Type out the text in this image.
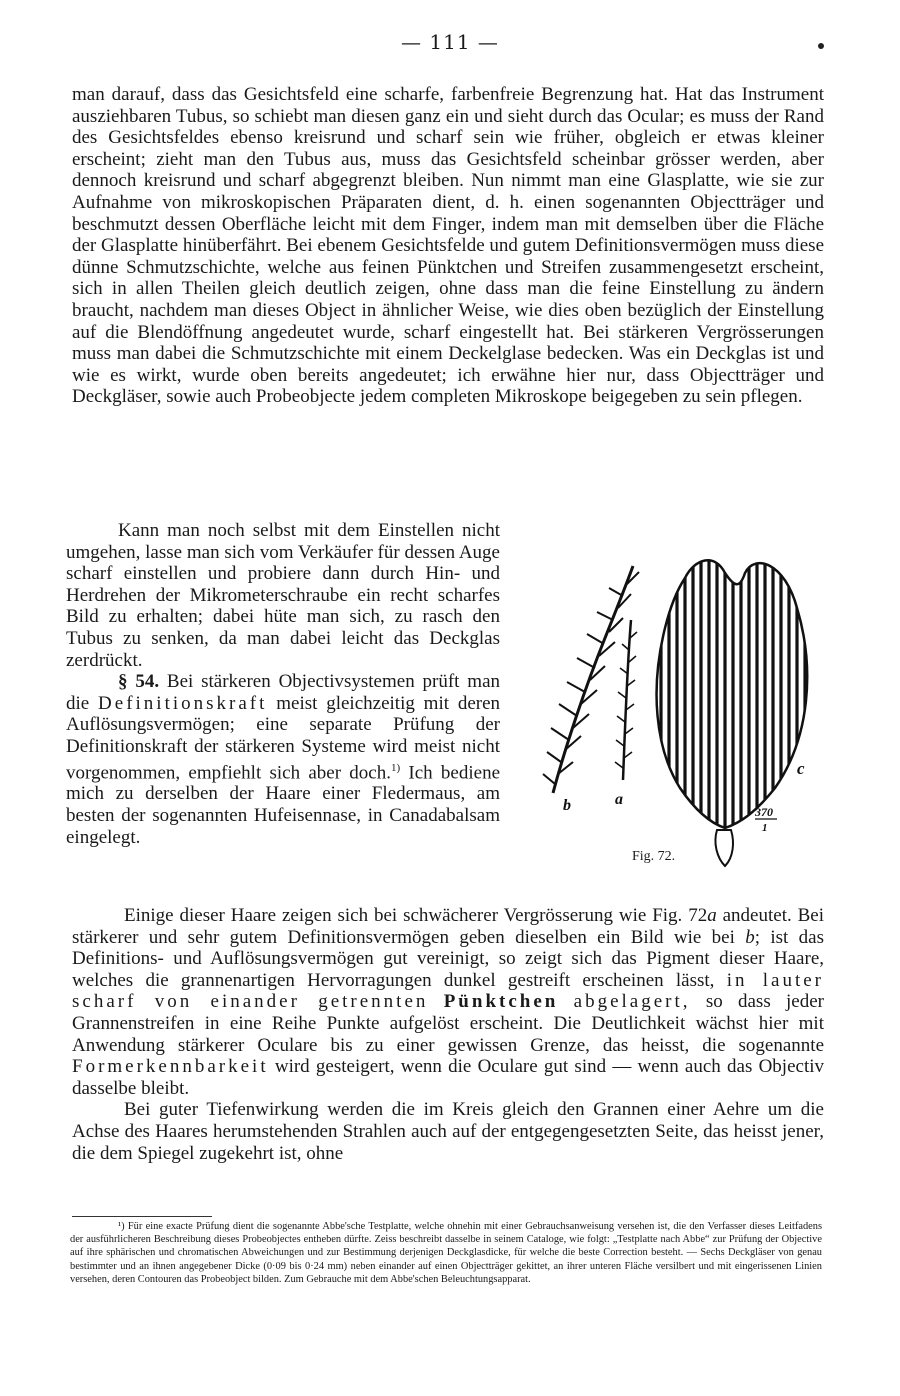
— 111 —

man darauf, dass das Gesichtsfeld eine scharfe, farbenfreie Begrenzung hat. Hat das Instrument ausziehbaren Tubus, so schiebt man diesen ganz ein und sieht durch das Ocular; es muss der Rand des Gesichtsfeldes ebenso kreisrund und scharf sein wie früher, obgleich er etwas kleiner erscheint; zieht man den Tubus aus, muss das Gesichtsfeld scheinbar grösser werden, aber dennoch kreisrund und scharf abgegrenzt bleiben. Nun nimmt man eine Glasplatte, wie sie zur Aufnahme von mikroskopischen Präparaten dient, d. h. einen sogenannten Objectträger und beschmutzt dessen Oberfläche leicht mit dem Finger, indem man mit demselben über die Fläche der Glasplatte hinüberfährt. Bei ebenem Gesichtsfelde und gutem Definitionsvermögen muss diese dünne Schmutzschichte, welche aus feinen Pünktchen und Streifen zusammengesetzt erscheint, sich in allen Theilen gleich deutlich zeigen, ohne dass man die feine Einstellung zu ändern braucht, nachdem man dieses Object in ähnlicher Weise, wie dies oben bezüglich der Einstellung auf die Blendöffnung angedeutet wurde, scharf eingestellt hat. Bei stärkeren Vergrösserungen muss man dabei die Schmutzschichte mit einem Deckelglase bedecken. Was ein Deckglas ist und wie es wirkt, wurde oben bereits angedeutet; ich erwähne hier nur, dass Objectträger und Deckgläser, sowie auch Probeobjecte jedem completen Mikroskope beigegeben zu sein pflegen.

Kann man noch selbst mit dem Einstellen nicht umgehen, lasse man sich vom Verkäufer für dessen Auge scharf einstellen und probiere dann durch Hin- und Herdrehen der Mikrometerschraube ein recht scharfes Bild zu erhalten; dabei hüte man sich, zu rasch den Tubus zu senken, da man dabei leicht das Deckglas zerdrückt.

§ 54. Bei stärkeren Objectivsystemen prüft man die Definitionskraft meist gleichzeitig mit deren Auflösungsvermögen; eine separate Prüfung der Definitionskraft der stärkeren Systeme wird meist nicht vorgenommen, empfiehlt sich aber doch.$^{1)}$ Ich bediene mich zu derselben der Haare einer Fledermaus, am besten der sogenannten Hufeisennase, in Canadabalsam eingelegt.

b	a
c
370
1
Fig. 72.

Einige dieser Haare zeigen sich bei schwächerer Vergrösserung wie Fig. 72a andeutet. Bei stärkerer und sehr gutem Definitionsvermögen geben dieselben ein Bild wie bei b; ist das Definitions- und Auflösungsvermögen gut vereinigt, so zeigt sich das Pigment dieser Haare, welches die grannenartigen Hervorragungen dunkel gestreift erscheinen lässt, in lauter scharf von einander getrennten Pünktchen abgelagert, so dass jeder Grannenstreifen in eine Reihe Punkte aufgelöst erscheint. Die Deutlichkeit wächst hier mit Anwendung stärkerer Oculare bis zu einer gewissen Grenze, das heisst, die sogenannte Formerkennbarkeit wird gesteigert, wenn die Oculare gut sind — wenn auch das Objectiv dasselbe bleibt.

Bei guter Tiefenwirkung werden die im Kreis gleich den Grannen einer Aehre um die Achse des Haares herumstehenden Strahlen auch auf der entgegengesetzten Seite, das heisst jener, die dem Spiegel zugekehrt ist, ohne

¹) Für eine exacte Prüfung dient die sogenannte Abbe'sche Testplatte, welche ohnehin mit einer Gebrauchsanweisung versehen ist, die den Verfasser dieses Leitfadens der ausführlicheren Beschreibung dieses Probeobjectes entheben dürfte. Zeiss beschreibt dasselbe in seinem Cataloge, wie folgt: „Testplatte nach Abbe“ zur Prüfung der Objective auf ihre sphärischen und chromatischen Abweichungen und zur Bestimmung derjenigen Deckglasdicke, für welche die beste Correction besteht. — Sechs Deckgläser von genau bestimmter und an ihnen angegebener Dicke (0·09 bis 0·24 mm) neben einander auf einen Objectträger gekittet, an ihrer unteren Fläche versilbert und mit eingerissenen Linien versehen, deren Contouren das Probeobject bilden. Zum Gebrauche mit dem Abbe'schen Beleuchtungsapparat.
